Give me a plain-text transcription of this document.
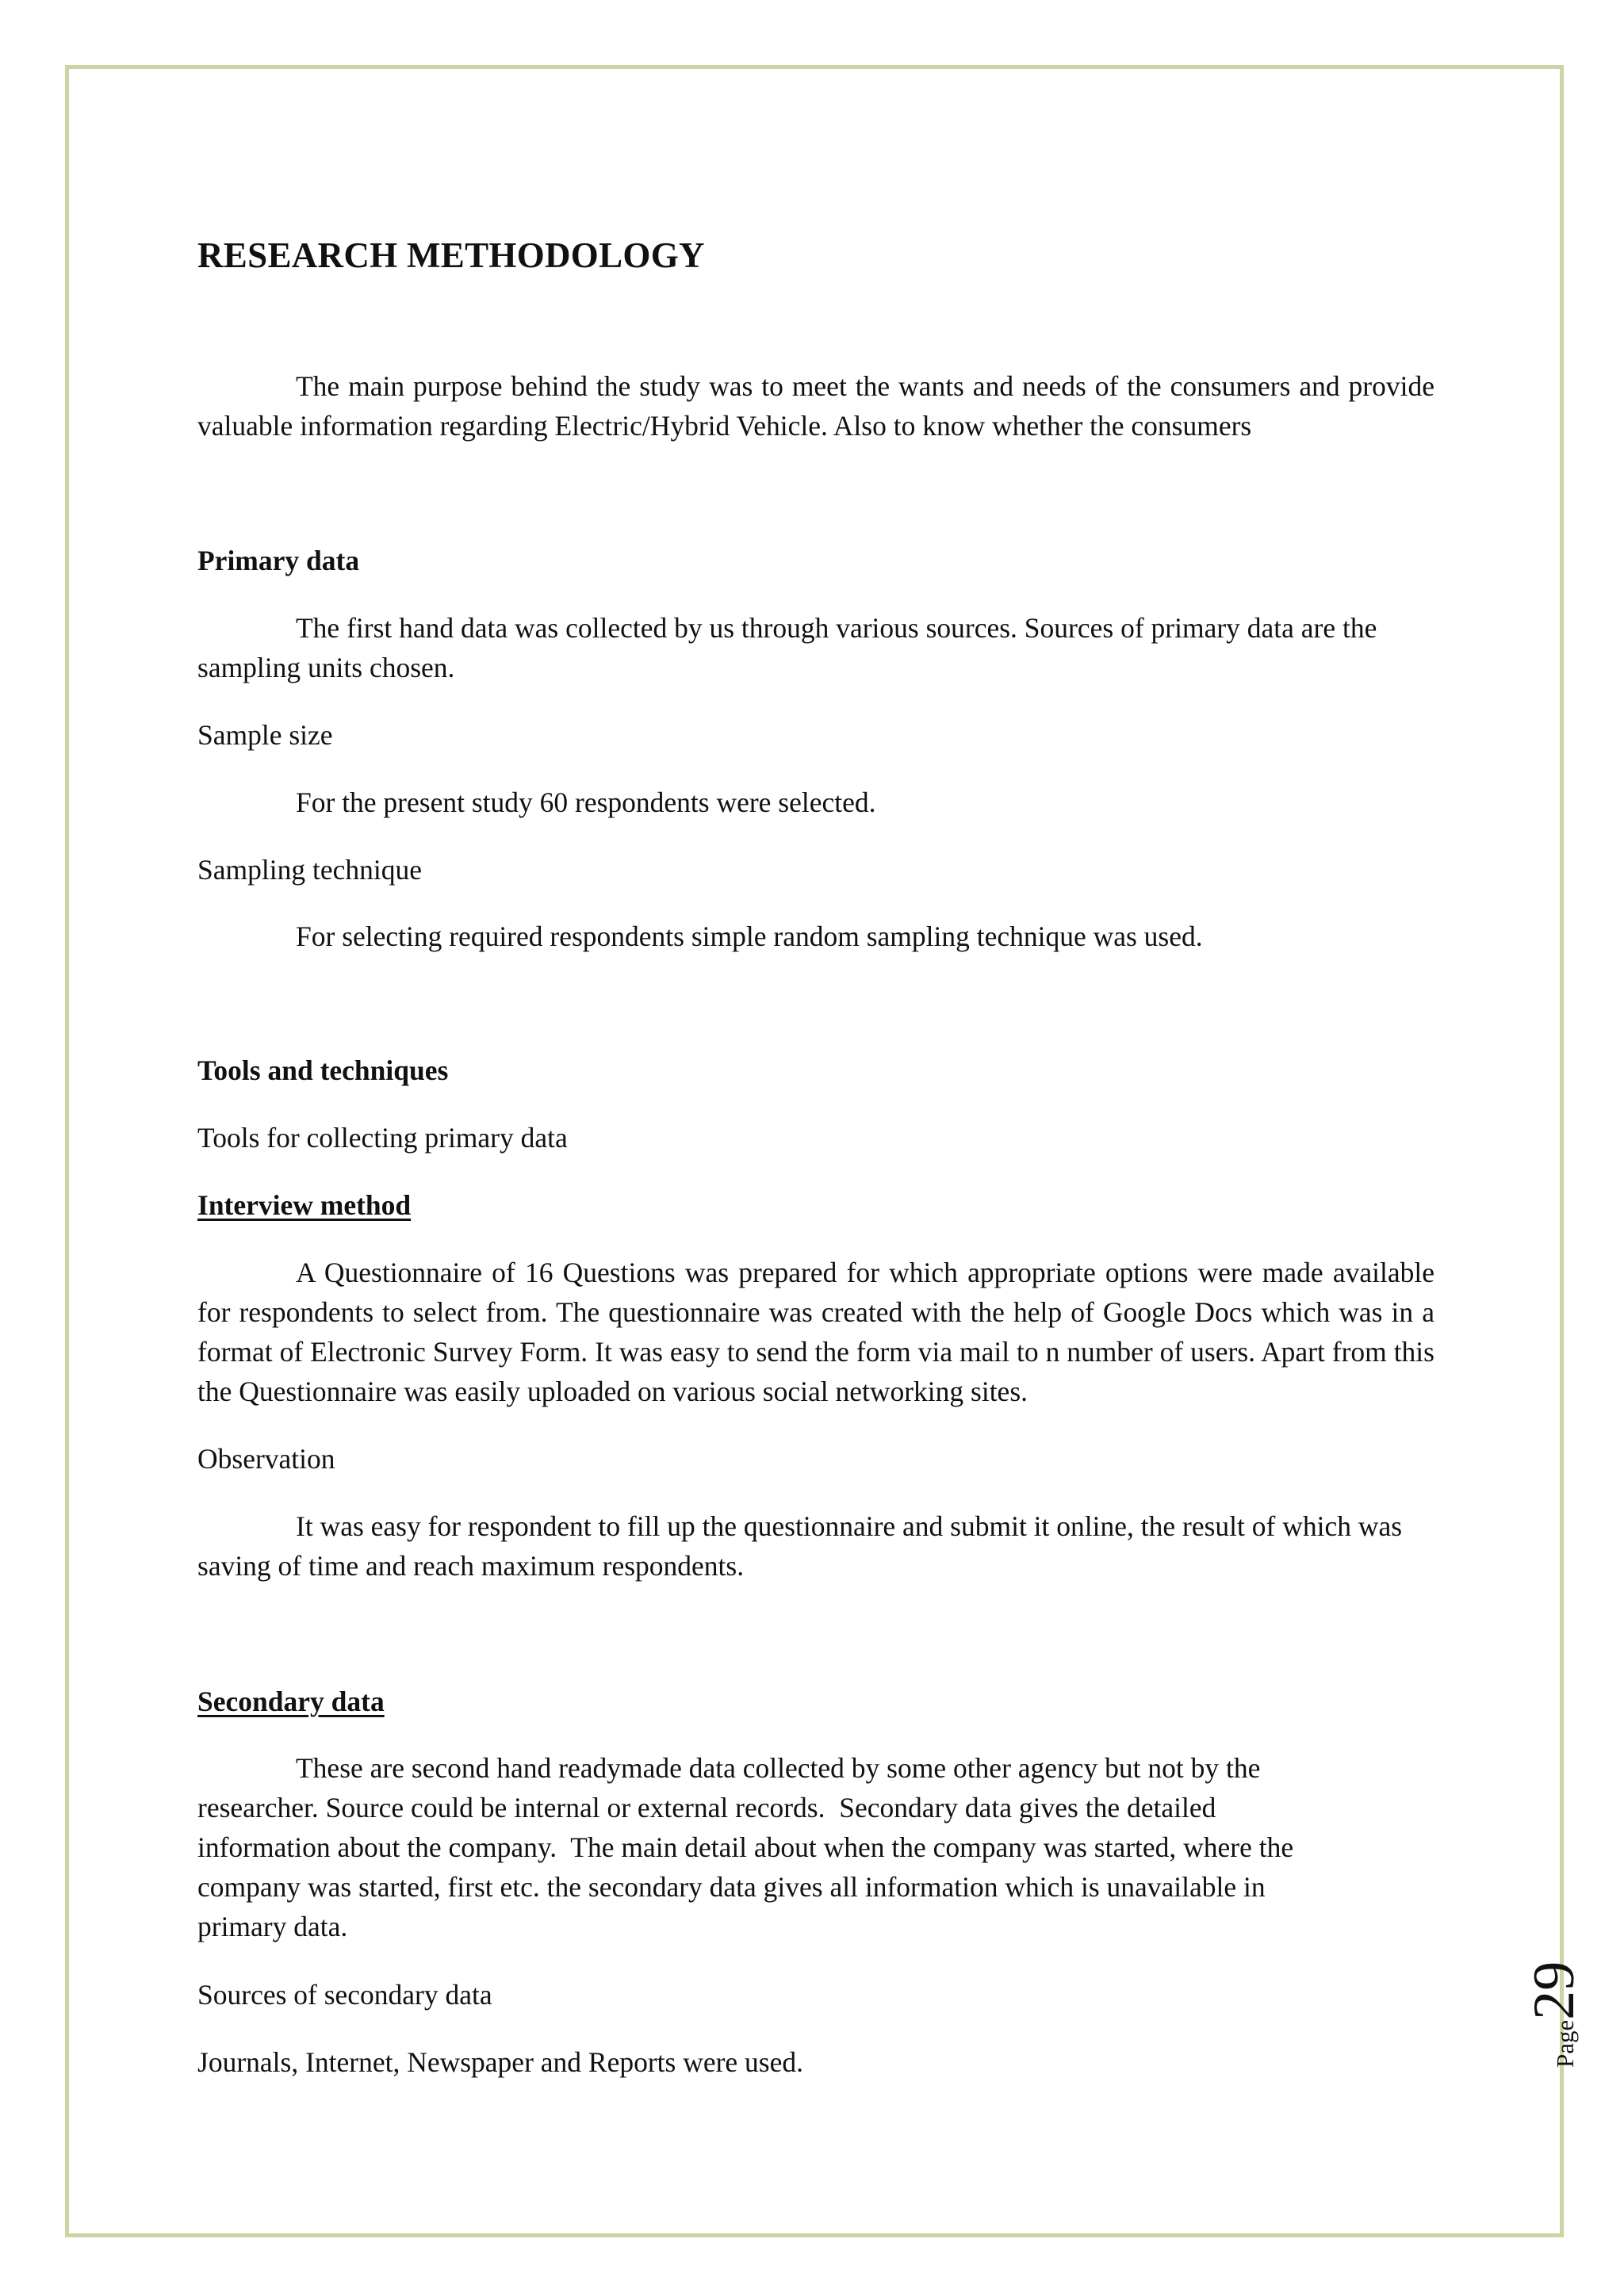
RESEARCH METHODOLOGY

The main purpose behind the study was to meet the wants and needs of the consumers and provide valuable information regarding Electric/Hybrid Vehicle. Also to know whether the consumers

Primary data

The first hand data was collected by us through various sources. Sources of primary data are the sampling units chosen.

Sample size

For the present study 60 respondents were selected.

Sampling technique

For selecting required respondents simple random sampling technique was used.

Tools and techniques

Tools for collecting primary data

Interview method

A Questionnaire of 16 Questions was prepared for which appropriate options were made available for respondents to select from. The questionnaire was created with the help of Google Docs which was in a format of Electronic Survey Form. It was easy to send the form via mail to n number of users. Apart from this the Questionnaire was easily uploaded on various social networking sites.

Observation

It was easy for respondent to fill up the questionnaire and submit it online, the result of which was saving of time and reach maximum respondents.

Secondary data

These are second hand readymade data collected by some other agency but not by the
researcher. Source could be internal or external records.  Secondary data gives the detailed
information about the company.  The main detail about when the company was started, where the
company was started, first etc. the secondary data gives all information which is unavailable in
primary data.

Sources of secondary data

Journals, Internet, Newspaper and Reports were used.	Page29
